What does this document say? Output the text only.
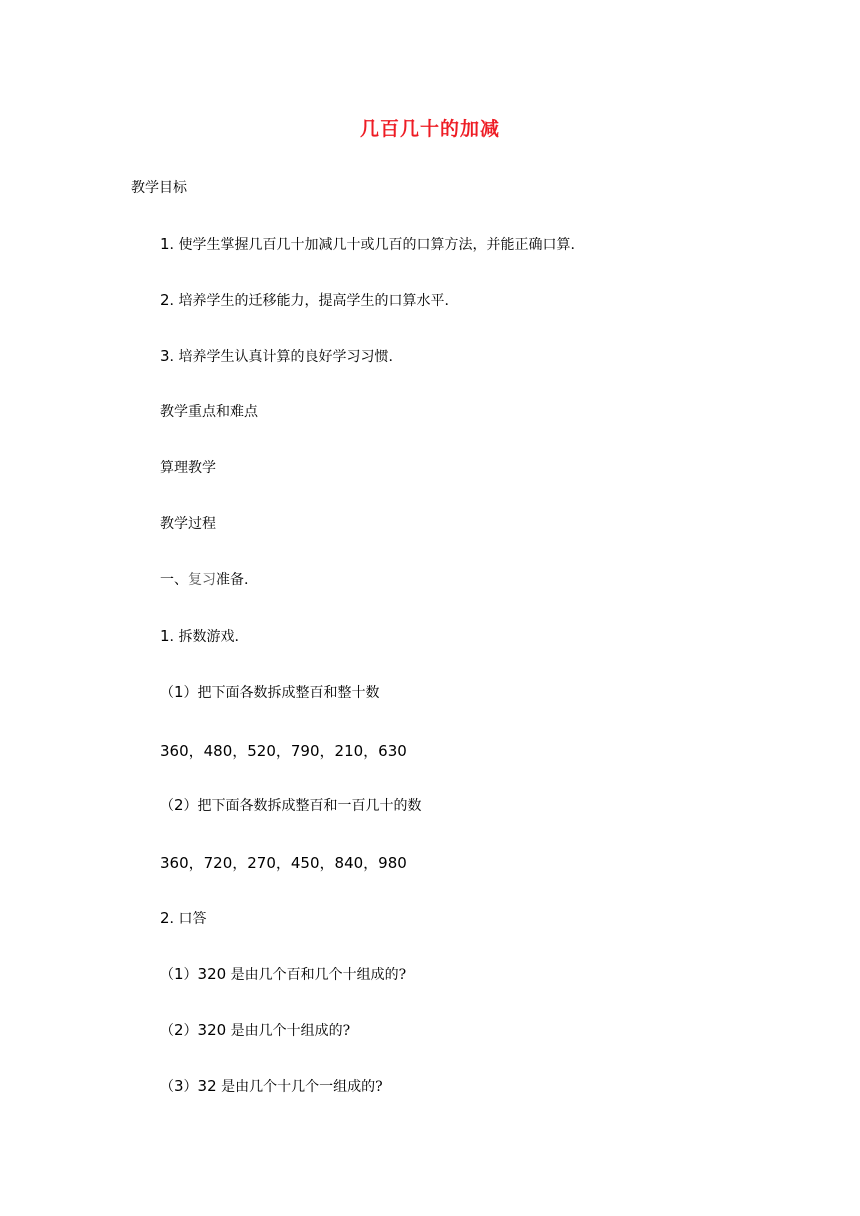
几百几十的加减
教学目标
1. 使学生掌握几百几十加减几十或几百的口算方法，并能正确口算.
2. 培养学生的迁移能力，提高学生的口算水平.
3. 培养学生认真计算的良好学习习惯.
教学重点和难点
算理教学
教学过程
一、复习准备.
1. 拆数游戏.
（1）把下面各数拆成整百和整十数
360，480，520，790，210，630
（2）把下面各数拆成整百和一百几十的数
360，720，270，450，840，980
2. 口答
（1）320 是由几个百和几个十组成的?
（2）320 是由几个十组成的?
（3）32 是由几个十几个一组成的?
